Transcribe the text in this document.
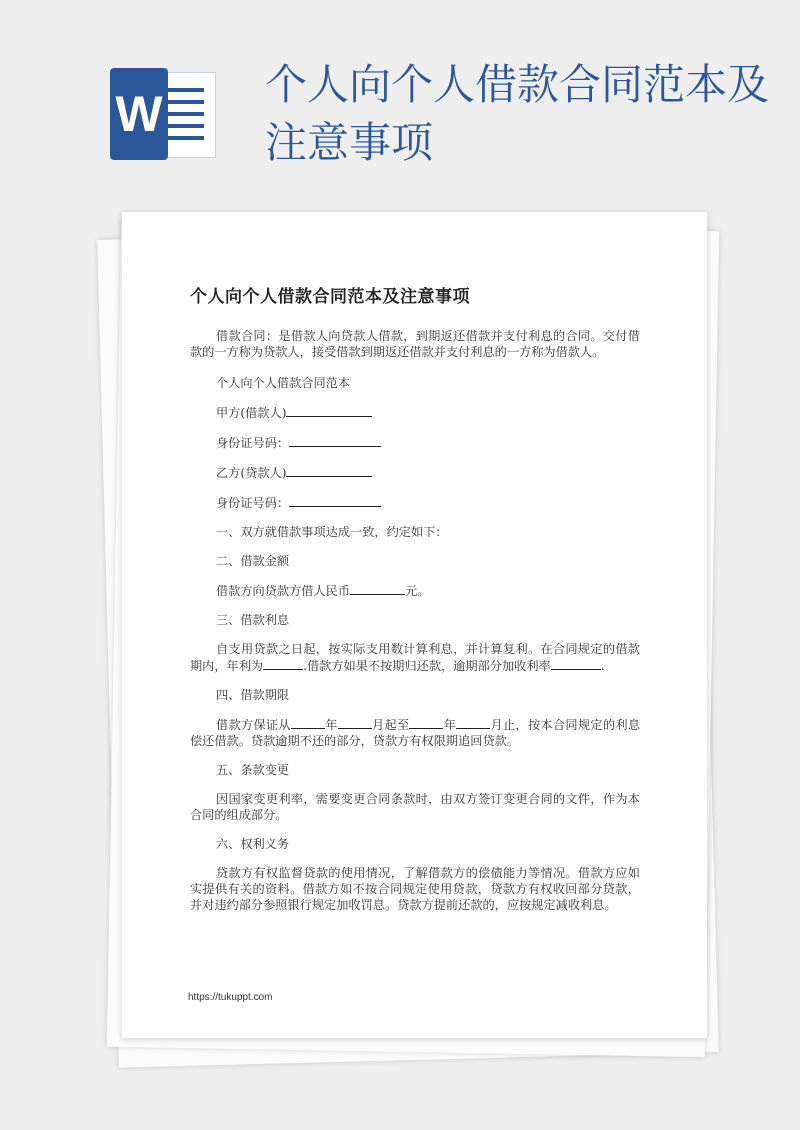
W
个人向个人借款合同范本及注意事项
个人向个人借款合同范本及注意事项

借款合同：是借款人向贷款人借款，到期返还借款并支付利息的合同。交付借款的一方称为贷款人，接受借款到期返还借款并支付利息的一方称为借款人。

个人向个人借款合同范本

甲方(借款人)

身份证号码：

乙方(贷款人)

身份证号码：

一、双方就借款事项达成一致，约定如下：

二、借款金额

借款方向贷款方借人民币	元。

三、借款利息

自支用贷款之日起，按实际支用数计算利息，并计算复利。在合同规定的借款期内，年利为	.借款方如果不按期归还款，逾期部分加收利率	.

四、借款期限

借款方保证从	年	月起至	年	月止，按本合同规定的利息偿还借款。贷款逾期不还的部分，贷款方有权限期追回贷款。

五、条款变更

因国家变更利率，需要变更合同条款时，由双方签订变更合同的文件，作为本合同的组成部分。

六、权利义务

贷款方有权监督贷款的使用情况，了解借款方的偿债能力等情况。借款方应如实提供有关的资料。借款方如不按合同规定使用贷款，贷款方有权收回部分贷款，并对违约部分参照银行规定加收罚息。贷款方提前还款的，应按规定减收利息。

https://tukuppt.com
